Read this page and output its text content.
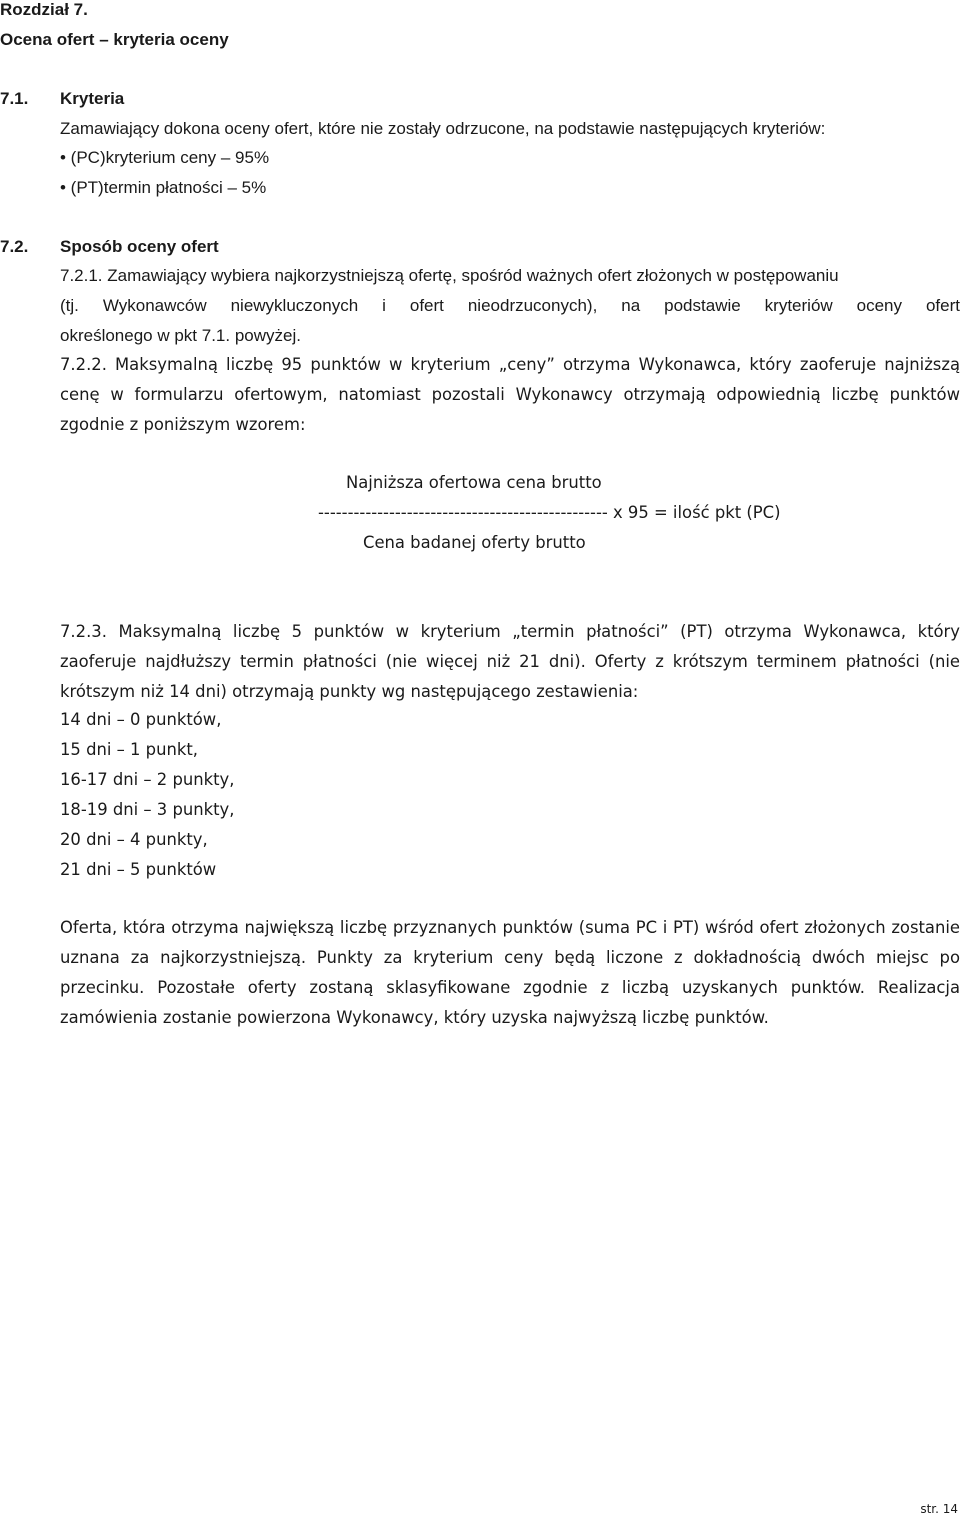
Rozdział 7.
Ocena ofert – kryteria oceny
7.1. Kryteria
Zamawiający dokona oceny ofert, które nie zostały odrzucone, na podstawie następujących kryteriów:
• (PC)kryterium ceny – 95%
• (PT)termin płatności – 5%
7.2. Sposób oceny ofert
7.2.1. Zamawiający wybiera najkorzystniejszą ofertę, spośród ważnych ofert złożonych w postępowaniu
(tj. Wykonawców niewykluczonych i ofert nieodrzuconych), na podstawie kryteriów oceny ofert
określonego w pkt 7.1. powyżej.

7.2.2. Maksymalną liczbę 95 punktów w kryterium „ceny” otrzyma Wykonawca, który zaoferuje najniższą cenę w formularzu ofertowym, natomiast pozostali Wykonawcy otrzymają odpowiednią liczbę punktów zgodnie z poniższym wzorem:

Najniższa ofertowa cena brutto
------------------------------------------------- x 95 = ilość pkt (PC)
Cena badanej oferty brutto

7.2.3. Maksymalną liczbę 5 punktów w kryterium „termin płatności” (PT) otrzyma Wykonawca, który zaoferuje najdłuższy termin płatności (nie więcej niż 21 dni). Oferty z krótszym terminem płatności (nie krótszym niż 14 dni) otrzymają punkty wg następującego zestawienia:

14 dni – 0 punktów,
15 dni – 1 punkt,
16-17 dni – 2 punkty,
18-19 dni – 3 punkty,
20 dni – 4 punkty,
21 dni – 5 punktów

Oferta, która otrzyma największą liczbę przyznanych punktów (suma PC i PT) wśród ofert złożonych zostanie uznana za najkorzystniejszą. Punkty za kryterium ceny będą liczone z dokładnością dwóch miejsc po przecinku. Pozostałe oferty zostaną sklasyfikowane zgodnie z liczbą uzyskanych punktów. Realizacja zamówienia zostanie powierzona Wykonawcy, który uzyska najwyższą liczbę punktów.

str. 14
